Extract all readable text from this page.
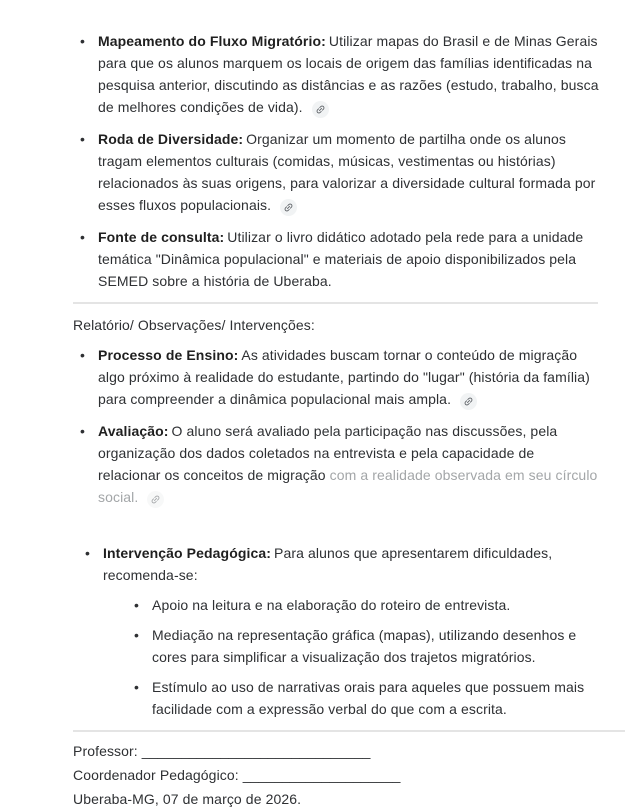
• Mapeamento do Fluxo Migratório: Utilizar mapas do Brasil e de Minas Gerais para que os alunos marquem os locais de origem das famílias identificadas na pesquisa anterior, discutindo as distâncias e as razões (estudo, trabalho, busca de melhores condições de vida).
• Roda de Diversidade: Organizar um momento de partilha onde os alunos tragam elementos culturais (comidas, músicas, vestimentas ou histórias) relacionados às suas origens, para valorizar a diversidade cultural formada por esses fluxos populacionais.
• Fonte de consulta: Utilizar o livro didático adotado pela rede para a unidade temática "Dinâmica populacional" e materiais de apoio disponibilizados pela SEMED sobre a história de Uberaba.

Relatório/ Observações/ Intervenções:

• Processo de Ensino: As atividades buscam tornar o conteúdo de migração algo próximo à realidade do estudante, partindo do "lugar" (história da família) para compreender a dinâmica populacional mais ampla.
• Avaliação: O aluno será avaliado pela participação nas discussões, pela organização dos dados coletados na entrevista e pela capacidade de relacionar os conceitos de migração com a realidade observada em seu círculo social.
• Intervenção Pedagógica: Para alunos que apresentarem dificuldades, recomenda-se:
• Apoio na leitura e na elaboração do roteiro de entrevista.
• Mediação na representação gráfica (mapas), utilizando desenhos e cores para simplificar a visualização dos trajetos migratórios.
• Estímulo ao uso de narrativas orais para aqueles que possuem mais facilidade com a expressão verbal do que com a escrita.

Professor: _____________________________

Coordenador Pedagógico: ____________________

Uberaba-MG, 07 de março de 2026.
